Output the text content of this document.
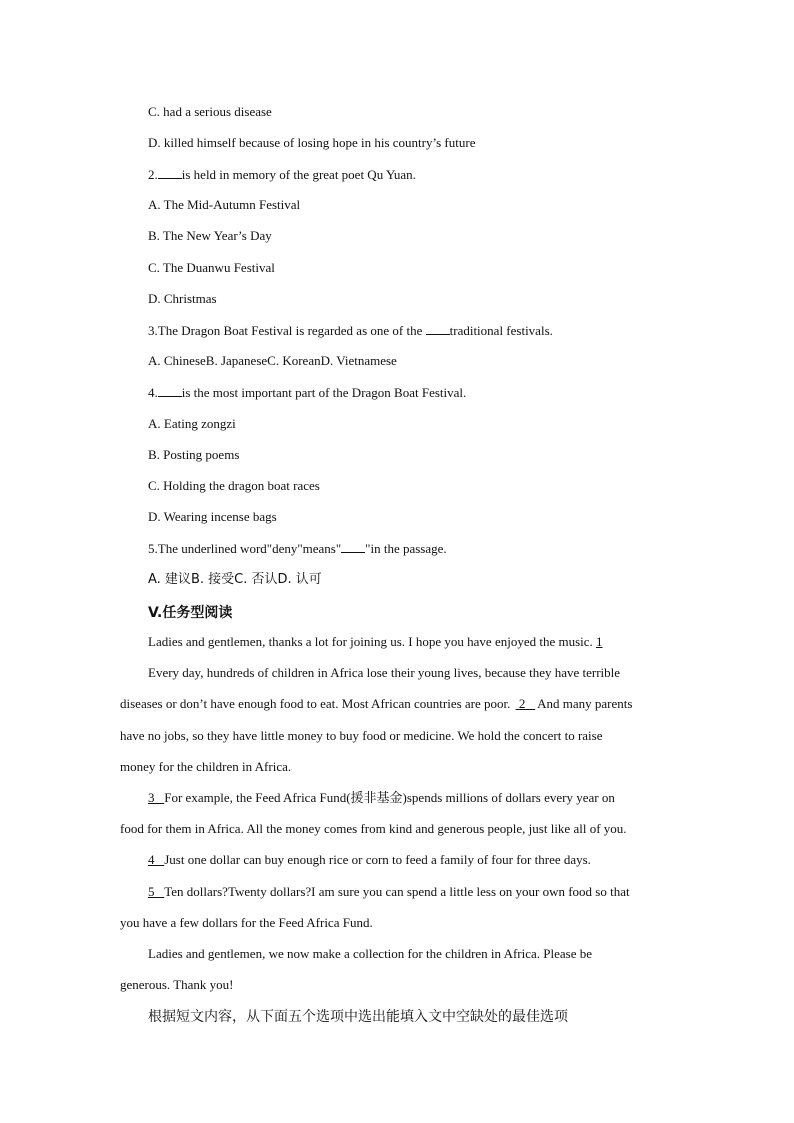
C. had a serious disease
D. killed himself because of losing hope in his country’s future
2. is held in memory of the great poet Qu Yuan.
A. The Mid-Autumn Festival
B. The New Year’s Day
C. The Duanwu Festival
D. Christmas
3.The Dragon Boat Festival is regarded as one of the traditional festivals.
A. ChineseB. JapaneseC. KoreanD. Vietnamese
4. is the most important part of the Dragon Boat Festival.
A. Eating zongzi
B. Posting poems
C. Holding the dragon boat races
D. Wearing incense bags
5.The underlined word"deny"means" "in the passage.
A. 建议B. 接受C. 否认D. 认可
V.任务型阅读
Ladies and gentlemen, thanks a lot for joining us. I hope you have enjoyed the music. 1
Every day, hundreds of children in Africa lose their young lives, because they have terrible
diseases or don’t have enough food to eat. Most African countries are poor.  2 And many parents
have no jobs, so they have little money to buy food or medicine. We hold the concert to raise
money for the children in Africa.
3 For example, the Feed Africa Fund(援非基金)spends millions of dollars every year on
food for them in Africa. All the money comes from kind and generous people, just like all of you.
4 Just one dollar can buy enough rice or corn to feed a family of four for three days.
5 Ten dollars?Twenty dollars?I am sure you can spend a little less on your own food so that
you have a few dollars for the Feed Africa Fund.
Ladies and gentlemen, we now make a collection for the children in Africa. Please be
generous. Thank you!
根据短文内容，从下面五个选项中选出能填入文中空缺处的最佳选项
